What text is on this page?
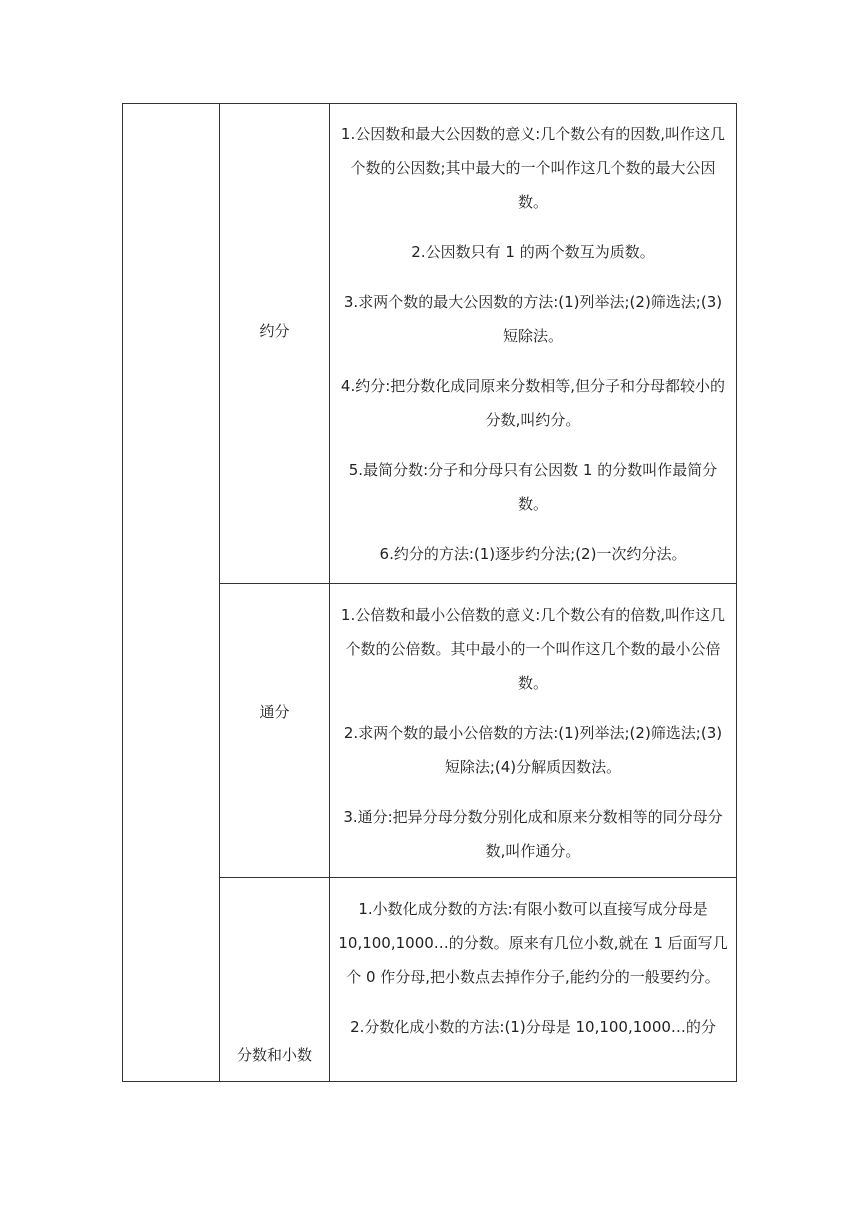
约分

1.公因数和最大公因数的意义:几个数公有的因数,叫作这几个数的公因数;其中最大的一个叫作这几个数的最大公因数。

2.公因数只有 1 的两个数互为质数。

3.求两个数的最大公因数的方法:(1)列举法;(2)筛选法;(3)短除法。

4.约分:把分数化成同原来分数相等,但分子和分母都较小的分数,叫约分。

5.最简分数:分子和分母只有公因数 1 的分数叫作最简分数。

6.约分的方法:(1)逐步约分法;(2)一次约分法。

通分

1.公倍数和最小公倍数的意义:几个数公有的倍数,叫作这几个数的公倍数。其中最小的一个叫作这几个数的最小公倍数。

2.求两个数的最小公倍数的方法:(1)列举法;(2)筛选法;(3)短除法;(4)分解质因数法。

3.通分:把异分母分数分别化成和原来分数相等的同分母分数,叫作通分。

分数和小数

1.小数化成分数的方法:有限小数可以直接写成分母是 10,100,1000…的分数。原来有几位小数,就在 1 后面写几个 0 作分母,把小数点去掉作分子,能约分的一般要约分。

2.分数化成小数的方法:(1)分母是 10,100,1000…的分
